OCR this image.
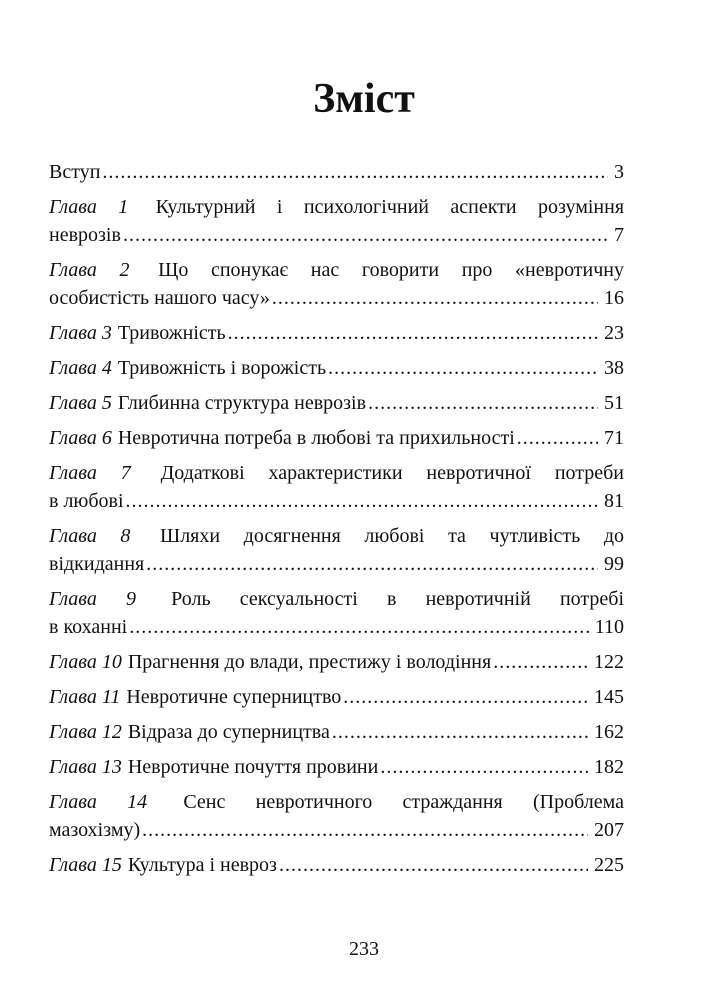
Зміст
Вступ .....	3
Глава 1 Культурний і психологічний аспекти розуміння
неврозів .....	7
Глава 2 Що спонукає нас говорити про «невротичну
особистість нашого часу» .....	16
Глава 3 Тривожність .....	23
Глава 4 Тривожність і ворожість .....	38
Глава 5 Глибинна структура неврозів .....	51
Глава 6 Невротична потреба в любові та прихильності .....	71
Глава 7 Додаткові характеристики невротичної потреби
в любові .....	81
Глава 8 Шляхи досягнення любові та чутливість до
відкидання .....	99
Глава 9 Роль сексуальності в невротичній потребі
в коханні .....	110
Глава 10 Прагнення до влади, престижу і володіння .....	122
Глава 11 Невротичне суперництво .....	145
Глава 12 Відраза до суперництва .....	162
Глава 13 Невротичне почуття провини .....	182
Глава 14 Сенс невротичного страждання (Проблема
мазохізму) .....	207
Глава 15 Культура і невроз .....	225
233
